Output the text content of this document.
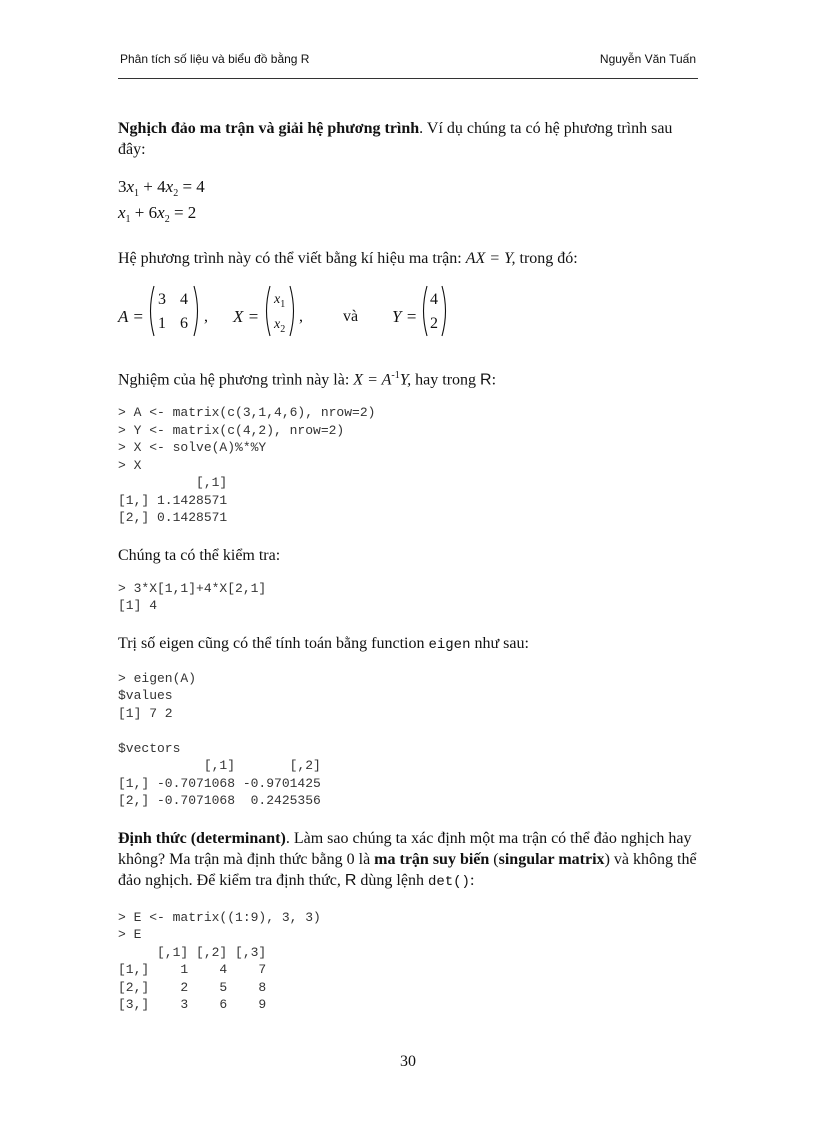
Phân tích số liệu và biểu đồ bằng R	Nguyễn Văn Tuấn

Nghịch đảo ma trận và giải hệ phương trình. Ví dụ chúng ta có hệ phương trình sau đây:

$3x_1 + 4x_2 = 4$
$x_1 + 6x_2 = 2$

Hệ phương trình này có thể viết bằng kí hiệu ma trận: AX = Y, trong đó:

A =
3 4
1 6 , X =
$x_1$
$x_2$
,	và Y =
4
2

Nghiệm của hệ phương trình này là: $X = A^{-1}Y$, hay trong R:

> A <- matrix(c(3,1,4,6), nrow=2)
> Y <- matrix(c(4,2), nrow=2)
> X <- solve(A)%*%Y
> X
[,1]
[1,] 1.1428571
[2,] 0.1428571

Chúng ta có thể kiểm tra:

> 3*X[1,1]+4*X[2,1]
[1] 4

Trị số eigen cũng có thể tính toán bằng function eigen như sau:

> eigen(A)
$values
[1] 7 2

$vectors
[,1]       [,2]
[1,] -0.7071068 -0.9701425
[2,] -0.7071068  0.2425356

Định thức (determinant). Làm sao chúng ta xác định một ma trận có thể đảo nghịch hay không? Ma trận mà định thức bằng 0 là ma trận suy biến (singular matrix) và không thể đảo nghịch. Để kiểm tra định thức, R dùng lệnh det():

> E <- matrix((1:9), 3, 3)
> E
[,1] [,2] [,3]
[1,]    1    4    7
[2,]    2    5    8
[3,]    3    6    9
30
